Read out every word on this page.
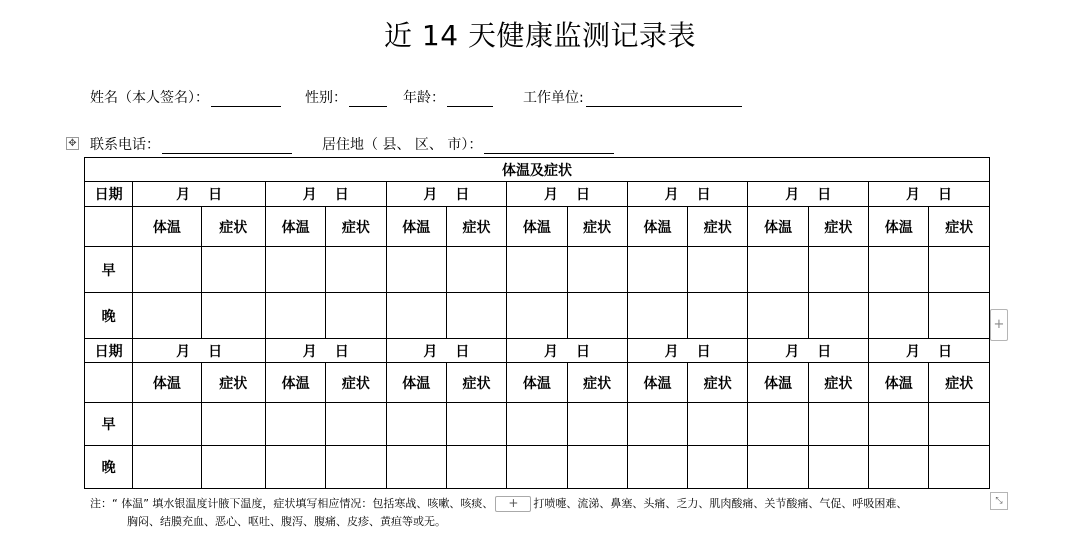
近 14 天健康监测记录表
姓名（本人签名）：	性别：	年龄：	工作单位:
联系电话：	居住地（ 县、 区、 市）：
✥
体温及症状														
日期	月 日		月 日		月 日		月 日		月 日		月 日		月 日	
	体温	症状	体温	症状	体温	症状	体温	症状	体温	症状	体温	症状	体温	症状
早														
晚														
日期	月 日		月 日		月 日		月 日		月 日		月 日		月 日	
	体温	症状	体温	症状	体温	症状	体温	症状	体温	症状	体温	症状	体温	症状
早														
晚														
+
⤡
注：“ 体温” 填水银温度计腋下温度，症状填写相应情况：包括寒战、咳嗽、咳痰、 + 打喷嚏、流涕、鼻塞、头痛、乏力、肌肉酸痛、关节酸痛、气促、呼吸困难、
胸闷、结膜充血、恶心、呕吐、腹泻、腹痛、皮疹、黄疸等或无。
